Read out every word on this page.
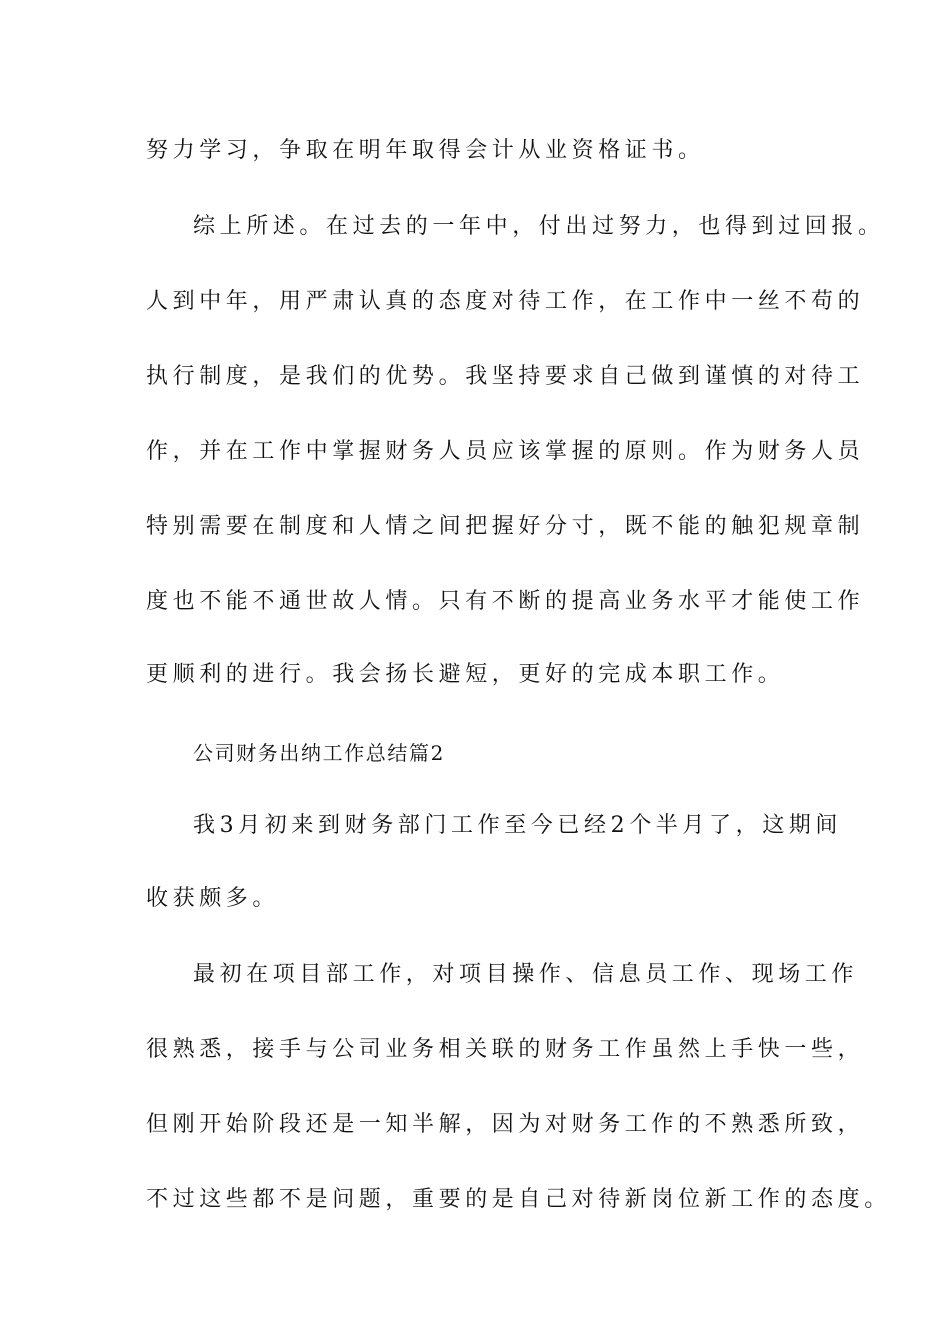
努力学习，争取在明年取得会计从业资格证书。
综上所述。在过去的一年中，付出过努力，也得到过回报。
人到中年，用严肃认真的态度对待工作，在工作中一丝不苟的
执行制度，是我们的优势。我坚持要求自己做到谨慎的对待工
作，并在工作中掌握财务人员应该掌握的原则。作为财务人员
特别需要在制度和人情之间把握好分寸，既不能的触犯规章制
度也不能不通世故人情。只有不断的提高业务水平才能使工作
更顺利的进行。我会扬长避短，更好的完成本职工作。
公司财务出纳工作总结篇2
我3月初来到财务部门工作至今已经2个半月了，这期间
收获颇多。
最初在项目部工作，对项目操作、信息员工作、现场工作
很熟悉，接手与公司业务相关联的财务工作虽然上手快一些，
但刚开始阶段还是一知半解，因为对财务工作的不熟悉所致，
不过这些都不是问题，重要的是自己对待新岗位新工作的态度。
